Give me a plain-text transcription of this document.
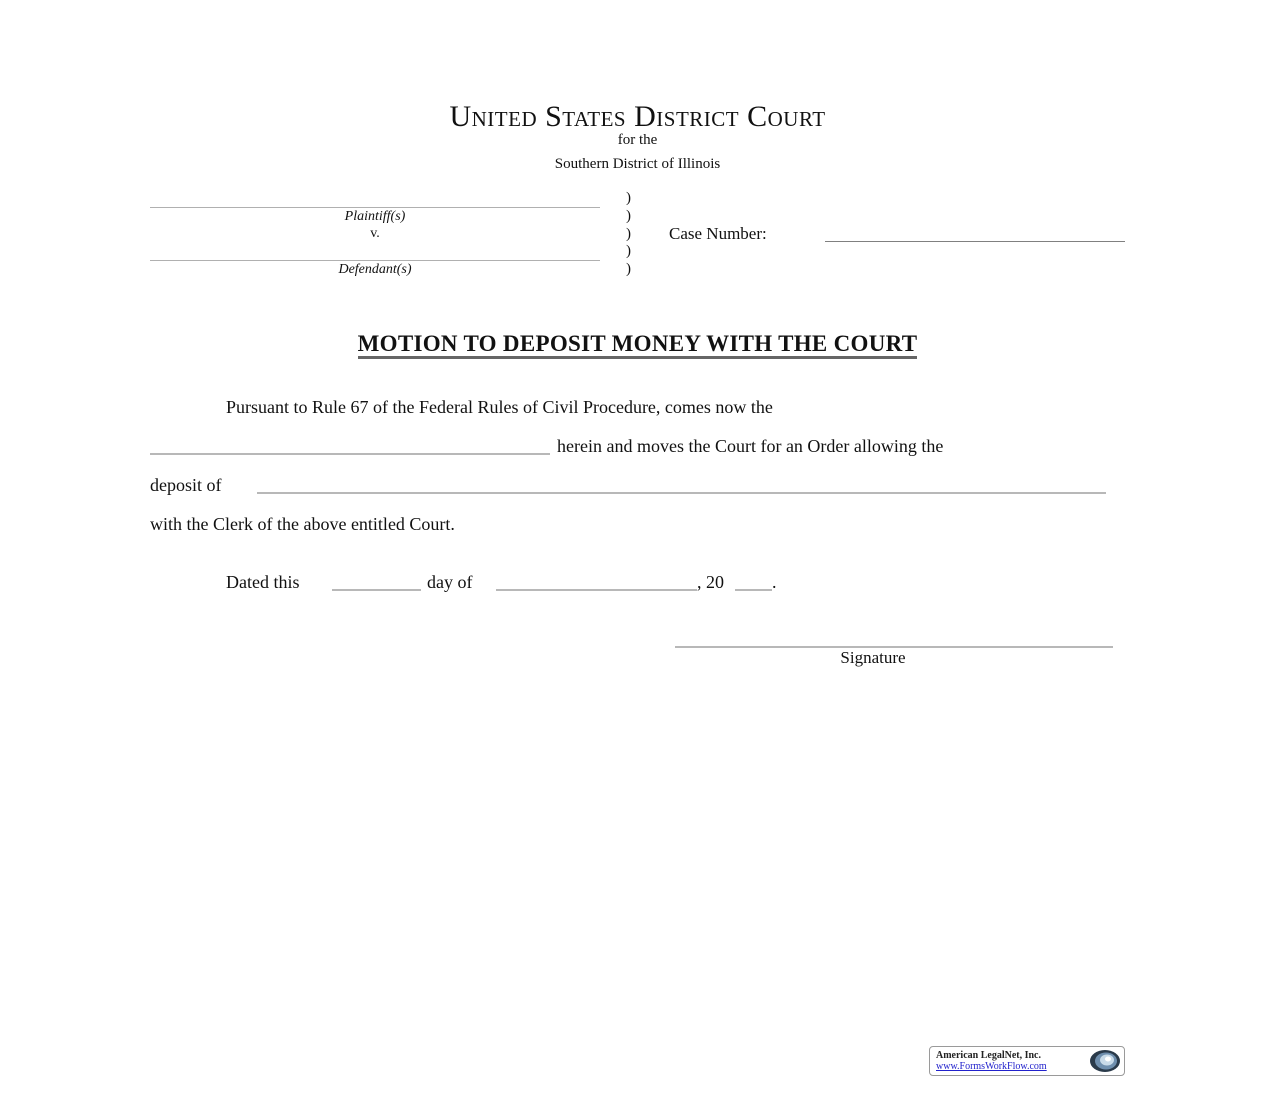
United States District Court
for the
Southern District of Illinois
Plaintiff(s)
v.
Defendant(s)
)
)
)
)
)
Case Number:
MOTION TO DEPOSIT MONEY WITH THE COURT
Pursuant to Rule 67 of the Federal Rules of Civil Procedure, comes now the
herein and moves the Court for an Order allowing the
deposit of
with the Clerk of the above entitled Court.
Dated this	day of	, 20	.
Signature
American LegalNet, Inc.
www.FormsWorkFlow.com
